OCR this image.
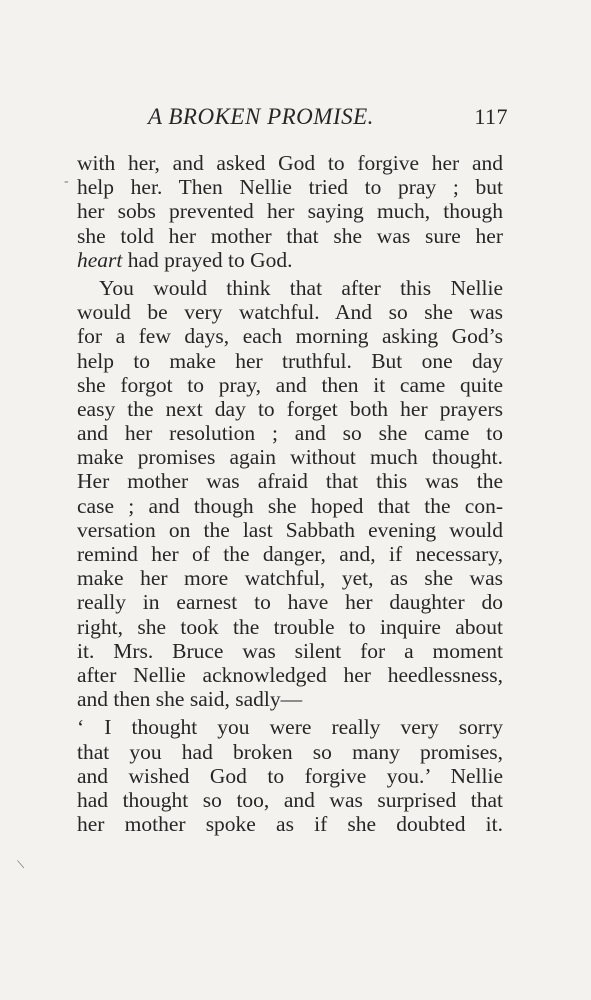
A BROKEN PROMISE.	117
with her, and asked God to forgive her and
help her. Then Nellie tried to pray ; but
her sobs prevented her saying much, though
she told her mother that she was sure her
heart had prayed to God.
You would think that after this Nellie
would be very watchful. And so she was
for a few days, each morning asking God’s
help to make her truthful. But one day
she forgot to pray, and then it came quite
easy the next day to forget both her prayers
and her resolution ; and so she came to
make promises again without much thought.
Her mother was afraid that this was the
case ; and though she hoped that the con-
versation on the last Sabbath evening would
remind her of the danger, and, if necessary,
make her more watchful, yet, as she was
really in earnest to have her daughter do
right, she took the trouble to inquire about
it. Mrs. Bruce was silent for a moment
after Nellie acknowledged her heedlessness,
and then she said, sadly—
‘ I thought you were really very sorry
that you had broken so many promises,
and wished God to forgive you.’ Nellie
had thought so too, and was surprised that
her mother spoke as if she doubted it.
-
/
